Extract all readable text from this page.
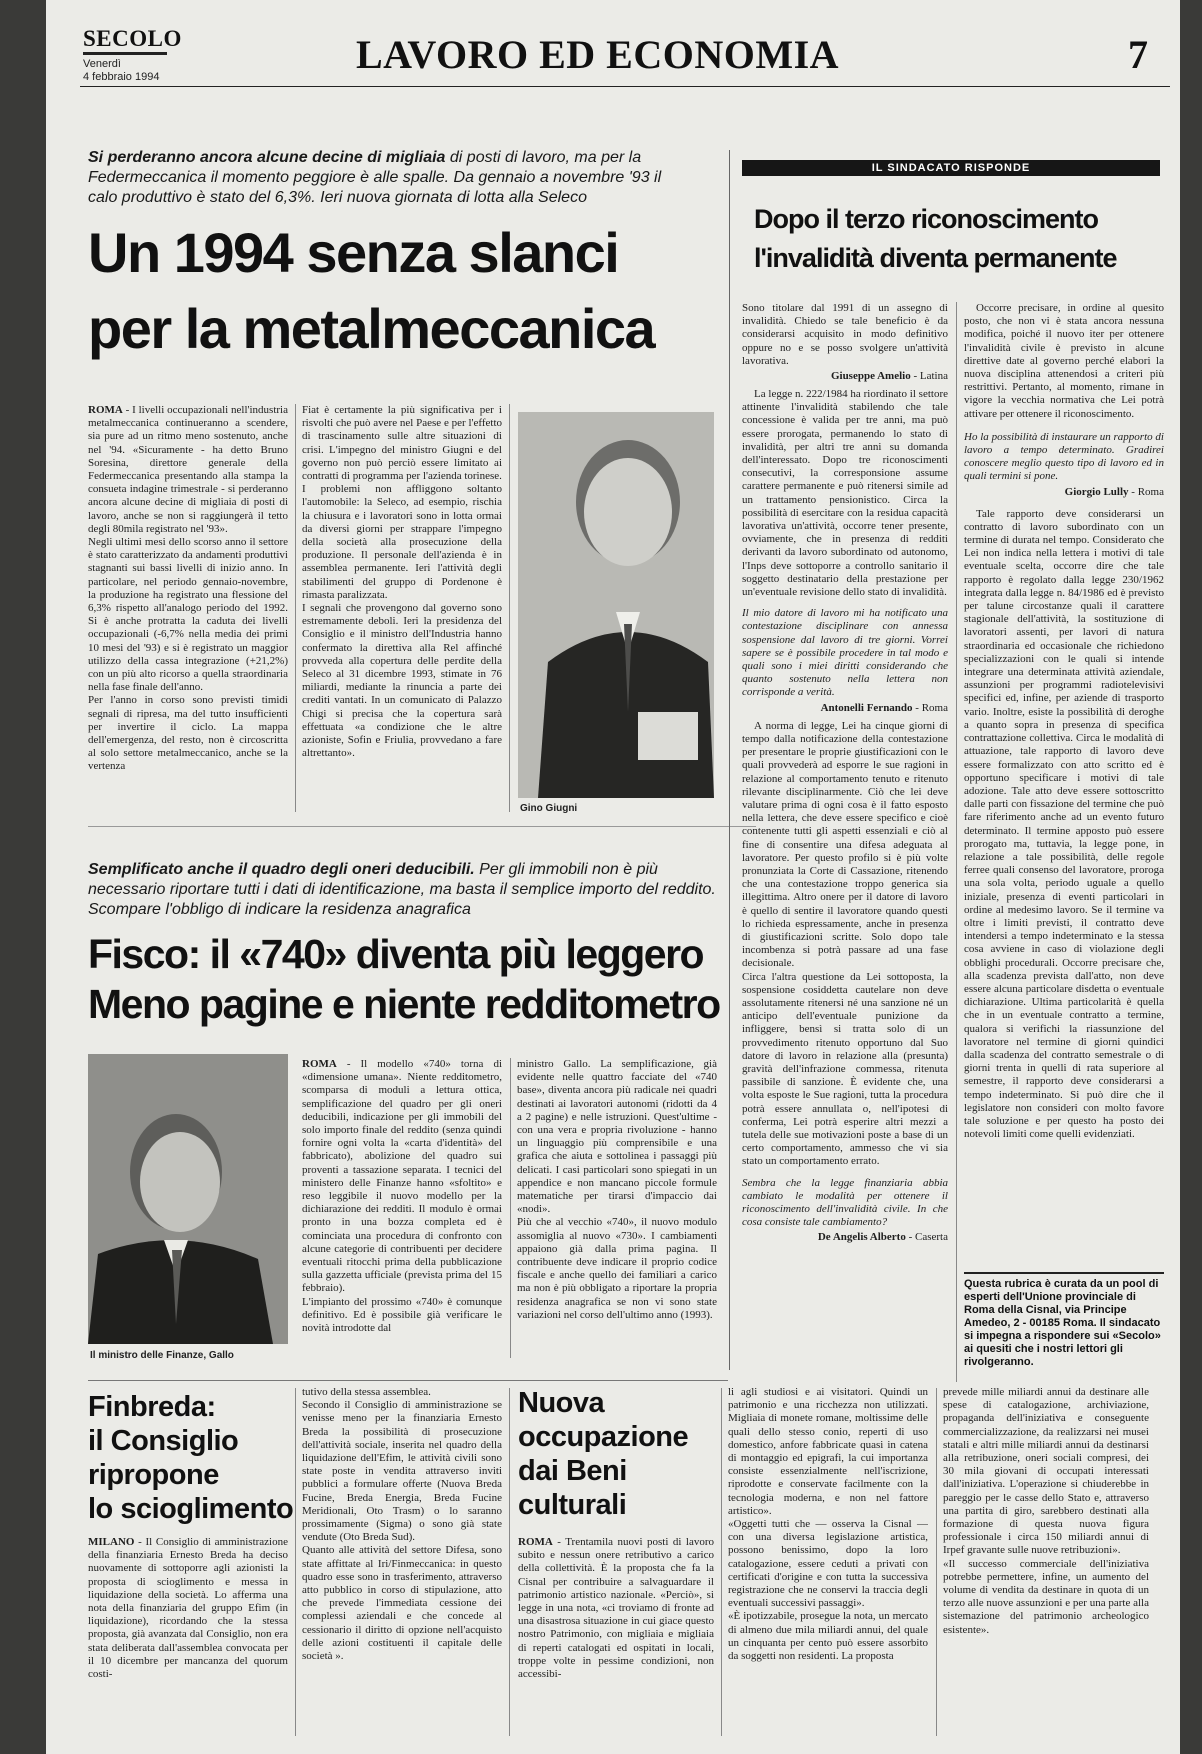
SECOLO
Venerdì
4 febbraio 1994	LAVORO ED ECONOMIA	7
Si perderanno ancora alcune decine di migliaia di posti di lavoro, ma per la Federmeccanica il momento peggiore è alle spalle. Da gennaio a novembre '93 il calo produttivo è stato del 6,3%. Ieri nuova giornata di lotta alla Seleco
Un 1994 senza slanci
per la metalmeccanica
ROMA - I livelli occupazionali nell'industria metalmeccanica continueranno a scendere, sia pure ad un ritmo meno sostenuto, anche nel '94. «Sicuramente - ha detto Bruno Soresina, direttore generale della Federmeccanica presentando alla stampa la consueta indagine trimestrale - si perderanno ancora alcune decine di migliaia di posti di lavoro, anche se non si raggiungerà il tetto degli 80mila registrato nel '93».
Negli ultimi mesi dello scorso anno il settore è stato caratterizzato da andamenti produttivi stagnanti sui bassi livelli di inizio anno. In particolare, nel periodo gennaio-novembre, la produzione ha registrato una flessione del 6,3% rispetto all'analogo periodo del 1992. Si è anche protratta la caduta dei livelli occupazionali (-6,7% nella media dei primi 10 mesi del '93) e si è registrato un maggior utilizzo della cassa integrazione (+21,2%) con un più alto ricorso a quella straordinaria nella fase finale dell'anno.
Per l'anno in corso sono previsti timidi segnali di ripresa, ma del tutto insufficienti per invertire il ciclo. La mappa dell'emergenza, del resto, non è circoscritta al solo settore metalmeccanico, anche se la vertenza
Fiat è certamente la più significativa per i risvolti che può avere nel Paese e per l'effetto di trascinamento sulle altre situazioni di crisi. L'impegno del ministro Giugni e del governo non può perciò essere limitato ai contratti di programma per l'azienda torinese.
I problemi non affliggono soltanto l'automobile: la Seleco, ad esempio, rischia la chiusura e i lavoratori sono in lotta ormai da diversi giorni per strappare l'impegno della società alla prosecuzione della produzione. Il personale dell'azienda è in assemblea permanente. Ieri l'attività degli stabilimenti del gruppo di Pordenone è rimasta paralizzata.
I segnali che provengono dal governo sono estremamente deboli. Ieri la presidenza del Consiglio e il ministro dell'Industria hanno confermato la direttiva alla Rel affinché provveda alla copertura delle perdite della Seleco al 31 dicembre 1993, stimate in 76 miliardi, mediante la rinuncia a parte dei crediti vantati. In un comunicato di Palazzo Chigi si precisa che la copertura sarà effettuata «a condizione che le altre azioniste, Sofin e Friulia, provvedano a fare altrettanto».
Gino Giugni
Semplificato anche il quadro degli oneri deducibili. Per gli immobili non è più necessario riportare tutti i dati di identificazione, ma basta il semplice importo del reddito. Scompare l'obbligo di indicare la residenza anagrafica
Fisco: il «740» diventa più leggero
Meno pagine e niente redditometro
Il ministro delle Finanze, Gallo
ROMA - Il modello «740» torna di «dimensione umana». Niente redditometro, scomparsa di moduli a lettura ottica, semplificazione del quadro per gli oneri deducibili, indicazione per gli immobili del solo importo finale del reddito (senza quindi fornire ogni volta la «carta d'identità» del fabbricato), abolizione del quadro sui proventi a tassazione separata. I tecnici del ministero delle Finanze hanno «sfoltito» e reso leggibile il nuovo modello per la dichiarazione dei redditi. Il modulo è ormai pronto in una bozza completa ed è cominciata una procedura di confronto con alcune categorie di contribuenti per decidere eventuali ritocchi prima della pubblicazione sulla gazzetta ufficiale (prevista prima del 15 febbraio).
L'impianto del prossimo «740» è comunque definitivo. Ed è possibile già verificare le novità introdotte dal
ministro Gallo. La semplificazione, già evidente nelle quattro facciate del «740 base», diventa ancora più radicale nei quadri destinati ai lavoratori autonomi (ridotti da 4 a 2 pagine) e nelle istruzioni. Quest'ultime - con una vera e propria rivoluzione - hanno un linguaggio più comprensibile e una grafica che aiuta e sottolinea i passaggi più delicati. I casi particolari sono spiegati in un appendice e non mancano piccole formule matematiche per tirarsi d'impaccio dai «nodi».
Più che al vecchio «740», il nuovo modulo assomiglia al nuovo «730». I cambiamenti appaiono già dalla prima pagina. Il contribuente deve indicare il proprio codice fiscale e anche quello dei familiari a carico ma non è più obbligato a riportare la propria residenza anagrafica se non vi sono state variazioni nel corso dell'ultimo anno (1993).
IL SINDACATO RISPONDE
Dopo il terzo riconoscimento
l'invalidità diventa permanente
Sono titolare dal 1991 di un assegno di invalidità. Chiedo se tale beneficio è da considerarsi acquisito in modo definitivo oppure no e se posso svolgere un'attività lavorativa.
Giuseppe Amelio - Latina
La legge n. 222/1984 ha riordinato il settore attinente l'invalidità stabilendo che tale concessione è valida per tre anni, ma può essere prorogata, permanendo lo stato di invalidità, per altri tre anni su domanda dell'interessato. Dopo tre riconoscimenti consecutivi, la corresponsione assume carattere permanente e può ritenersi simile ad un trattamento pensionistico. Circa la possibilità di esercitare con la residua capacità lavorativa un'attività, occorre tener presente, ovviamente, che in presenza di redditi derivanti da lavoro subordinato od autonomo, l'Inps deve sottoporre a controllo sanitario il soggetto destinatario della prestazione per un'eventuale revisione dello stato di invalidità.
Il mio datore di lavoro mi ha notificato una contestazione disciplinare con annessa sospensione dal lavoro di tre giorni. Vorrei sapere se è possibile procedere in tal modo e quali sono i miei diritti considerando che quanto sostenuto nella lettera non corrisponde a verità.
Antonelli Fernando - Roma
A norma di legge, Lei ha cinque giorni di tempo dalla notificazione della contestazione per presentare le proprie giustificazioni con le quali provvederà ad esporre le sue ragioni in relazione al comportamento tenuto e ritenuto rilevante disciplinarmente. Ciò che lei deve valutare prima di ogni cosa è il fatto esposto nella lettera, che deve essere specifico e cioè contenente tutti gli aspetti essenziali e ciò al fine di consentire una difesa adeguata al lavoratore. Per questo profilo si è più volte pronunziata la Corte di Cassazione, ritenendo che una contestazione troppo generica sia illegittima. Altro onere per il datore di lavoro è quello di sentire il lavoratore quando questi lo richieda espressamente, anche in presenza di giustificazioni scritte. Solo dopo tale incombenza si potrà passare ad una fase decisionale.
Circa l'altra questione da Lei sottoposta, la sospensione cosiddetta cautelare non deve assolutamente ritenersi né una sanzione né un anticipo dell'eventuale punizione da infliggere, bensì si tratta solo di un provvedimento ritenuto opportuno dal Suo datore di lavoro in relazione alla (presunta) gravità dell'infrazione commessa, ritenuta passibile di sanzione. È evidente che, una volta esposte le Sue ragioni, tutta la procedura potrà essere annullata o, nell'ipotesi di conferma, Lei potrà esperire altri mezzi a tutela delle sue motivazioni poste a base di un certo comportamento, ammesso che vi sia stato un comportamento errato.
Sembra che la legge finanziaria abbia cambiato le modalità per ottenere il riconoscimento dell'invalidità civile. In che cosa consiste tale cambiamento?
De Angelis Alberto - Caserta
Occorre precisare, in ordine al quesito posto, che non vi è stata ancora nessuna modifica, poiché il nuovo iter per ottenere l'invalidità civile è previsto in alcune direttive date al governo perché elabori la nuova disciplina attenendosi a criteri più restrittivi. Pertanto, al momento, rimane in vigore la vecchia normativa che Lei potrà attivare per ottenere il riconoscimento.
Ho la possibilità di instaurare un rapporto di lavoro a tempo determinato. Gradirei conoscere meglio questo tipo di lavoro ed in quali termini si pone.
Giorgio Lully - Roma
Tale rapporto deve considerarsi un contratto di lavoro subordinato con un termine di durata nel tempo. Considerato che Lei non indica nella lettera i motivi di tale eventuale scelta, occorre dire che tale rapporto è regolato dalla legge 230/1962 integrata dalla legge n. 84/1986 ed è previsto per talune circostanze quali il carattere stagionale dell'attività, la sostituzione di lavoratori assenti, per lavori di natura straordinaria ed occasionale che richiedono specializzazioni con le quali si intende integrare una determinata attività aziendale, assunzioni per programmi radiotelevisivi specifici ed, infine, per aziende di trasporto vario. Inoltre, esiste la possibilità di deroghe a quanto sopra in presenza di specifica contrattazione collettiva. Circa le modalità di attuazione, tale rapporto di lavoro deve essere formalizzato con atto scritto ed è opportuno specificare i motivi di tale adozione. Tale atto deve essere sottoscritto dalle parti con fissazione del termine che può fare riferimento anche ad un evento futuro determinato. Il termine apposto può essere prorogato ma, tuttavia, la legge pone, in relazione a tale possibilità, delle regole ferree quali consenso del lavoratore, proroga una sola volta, periodo uguale a quello iniziale, presenza di eventi particolari in ordine al medesimo lavoro. Se il termine va oltre i limiti previsti, il contratto deve intendersi a tempo indeterminato e la stessa cosa avviene in caso di violazione degli obblighi procedurali. Occorre precisare che, alla scadenza prevista dall'atto, non deve essere alcuna particolare disdetta o eventuale dichiarazione. Ultima particolarità è quella che in un eventuale contratto a termine, qualora si verifichi la riassunzione del lavoratore nel termine di giorni quindici dalla scadenza del contratto semestrale o di giorni trenta in quelli di rata superiore al semestre, il rapporto deve considerarsi a tempo indeterminato. Si può dire che il legislatore non consideri con molto favore tale soluzione e per questo ha posto dei notevoli limiti come quelli evidenziati.
Questa rubrica è curata da un pool di esperti dell'Unione provinciale di Roma della Cisnal, via Principe Amedeo, 2 - 00185 Roma. Il sindacato si impegna a rispondere sui «Secolo» ai quesiti che i nostri lettori gli rivolgeranno.
Finbreda:
il Consiglio
ripropone
lo scioglimento
MILANO - Il Consiglio di amministrazione della finanziaria Ernesto Breda ha deciso nuovamente di sottoporre agli azionisti la proposta di scioglimento e messa in liquidazione della società. Lo afferma una nota della finanziaria del gruppo Efim (in liquidazione), ricordando che la stessa proposta, già avanzata dal Consiglio, non era stata deliberata dall'assemblea convocata per il 10 dicembre per mancanza del quorum costi-
tutivo della stessa assemblea.
Secondo il Consiglio di amministrazione se venisse meno per la finanziaria Ernesto Breda la possibilità di prosecuzione dell'attività sociale, inserita nel quadro della liquidazione dell'Efim, le attività civili sono state poste in vendita attraverso inviti pubblici a formulare offerte (Nuova Breda Fucine, Breda Energia, Breda Fucine Meridionali, Oto Trasm) o lo saranno prossimamente (Sigma) o sono già state vendute (Oto Breda Sud).
Quanto alle attività del settore Difesa, sono state affittate al Iri/Finmeccanica: in questo quadro esse sono in trasferimento, attraverso atto pubblico in corso di stipulazione, atto che prevede l'immediata cessione dei complessi aziendali e che concede al cessionario il diritto di opzione nell'acquisto delle azioni costituenti il capitale delle società ».
Nuova
occupazione
dai Beni
culturali
ROMA - Trentamila nuovi posti di lavoro subito e nessun onere retributivo a carico della collettività. È la proposta che fa la Cisnal per contribuire a salvaguardare il patrimonio artistico nazionale. «Perciò», si legge in una nota, «ci troviamo di fronte ad una disastrosa situazione in cui giace questo nostro Patrimonio, con migliaia e migliaia di reperti catalogati ed ospitati in locali, troppe volte in pessime condizioni, non accessibi-
li agli studiosi e ai visitatori. Quindi un patrimonio e una ricchezza non utilizzati. Migliaia di monete romane, moltissime delle quali dello stesso conio, reperti di uso domestico, anfore fabbricate quasi in catena di montaggio ed epigrafi, la cui importanza consiste essenzialmente nell'iscrizione, riprodotte e conservate facilmente con la tecnologia moderna, e non nel fattore artistico».
«Oggetti tutti che — osserva la Cisnal — con una diversa legislazione artistica, possono benissimo, dopo la loro catalogazione, essere ceduti a privati con certificati d'origine e con tutta la successiva registrazione che ne conservi la traccia degli eventuali successivi passaggi».
«È ipotizzabile, prosegue la nota, un mercato di almeno due mila miliardi annui, del quale un cinquanta per cento può essere assorbito da soggetti non residenti. La proposta
prevede mille miliardi annui da destinare alle spese di catalogazione, archiviazione, propaganda dell'iniziativa e conseguente commercializzazione, da realizzarsi nei musei statali e altri mille miliardi annui da destinarsi alla retribuzione, oneri sociali compresi, dei 30 mila giovani di occupati interessati dall'iniziativa. L'operazione si chiuderebbe in pareggio per le casse dello Stato e, attraverso una partita di giro, sarebbero destinati alla formazione di questa nuova figura professionale i circa 150 miliardi annui di Irpef gravante sulle nuove retribuzioni».
«Il successo commerciale dell'iniziativa potrebbe permettere, infine, un aumento del volume di vendita da destinare in quota di un terzo alle nuove assunzioni e per una parte alla sistemazione del patrimonio archeologico esistente».
